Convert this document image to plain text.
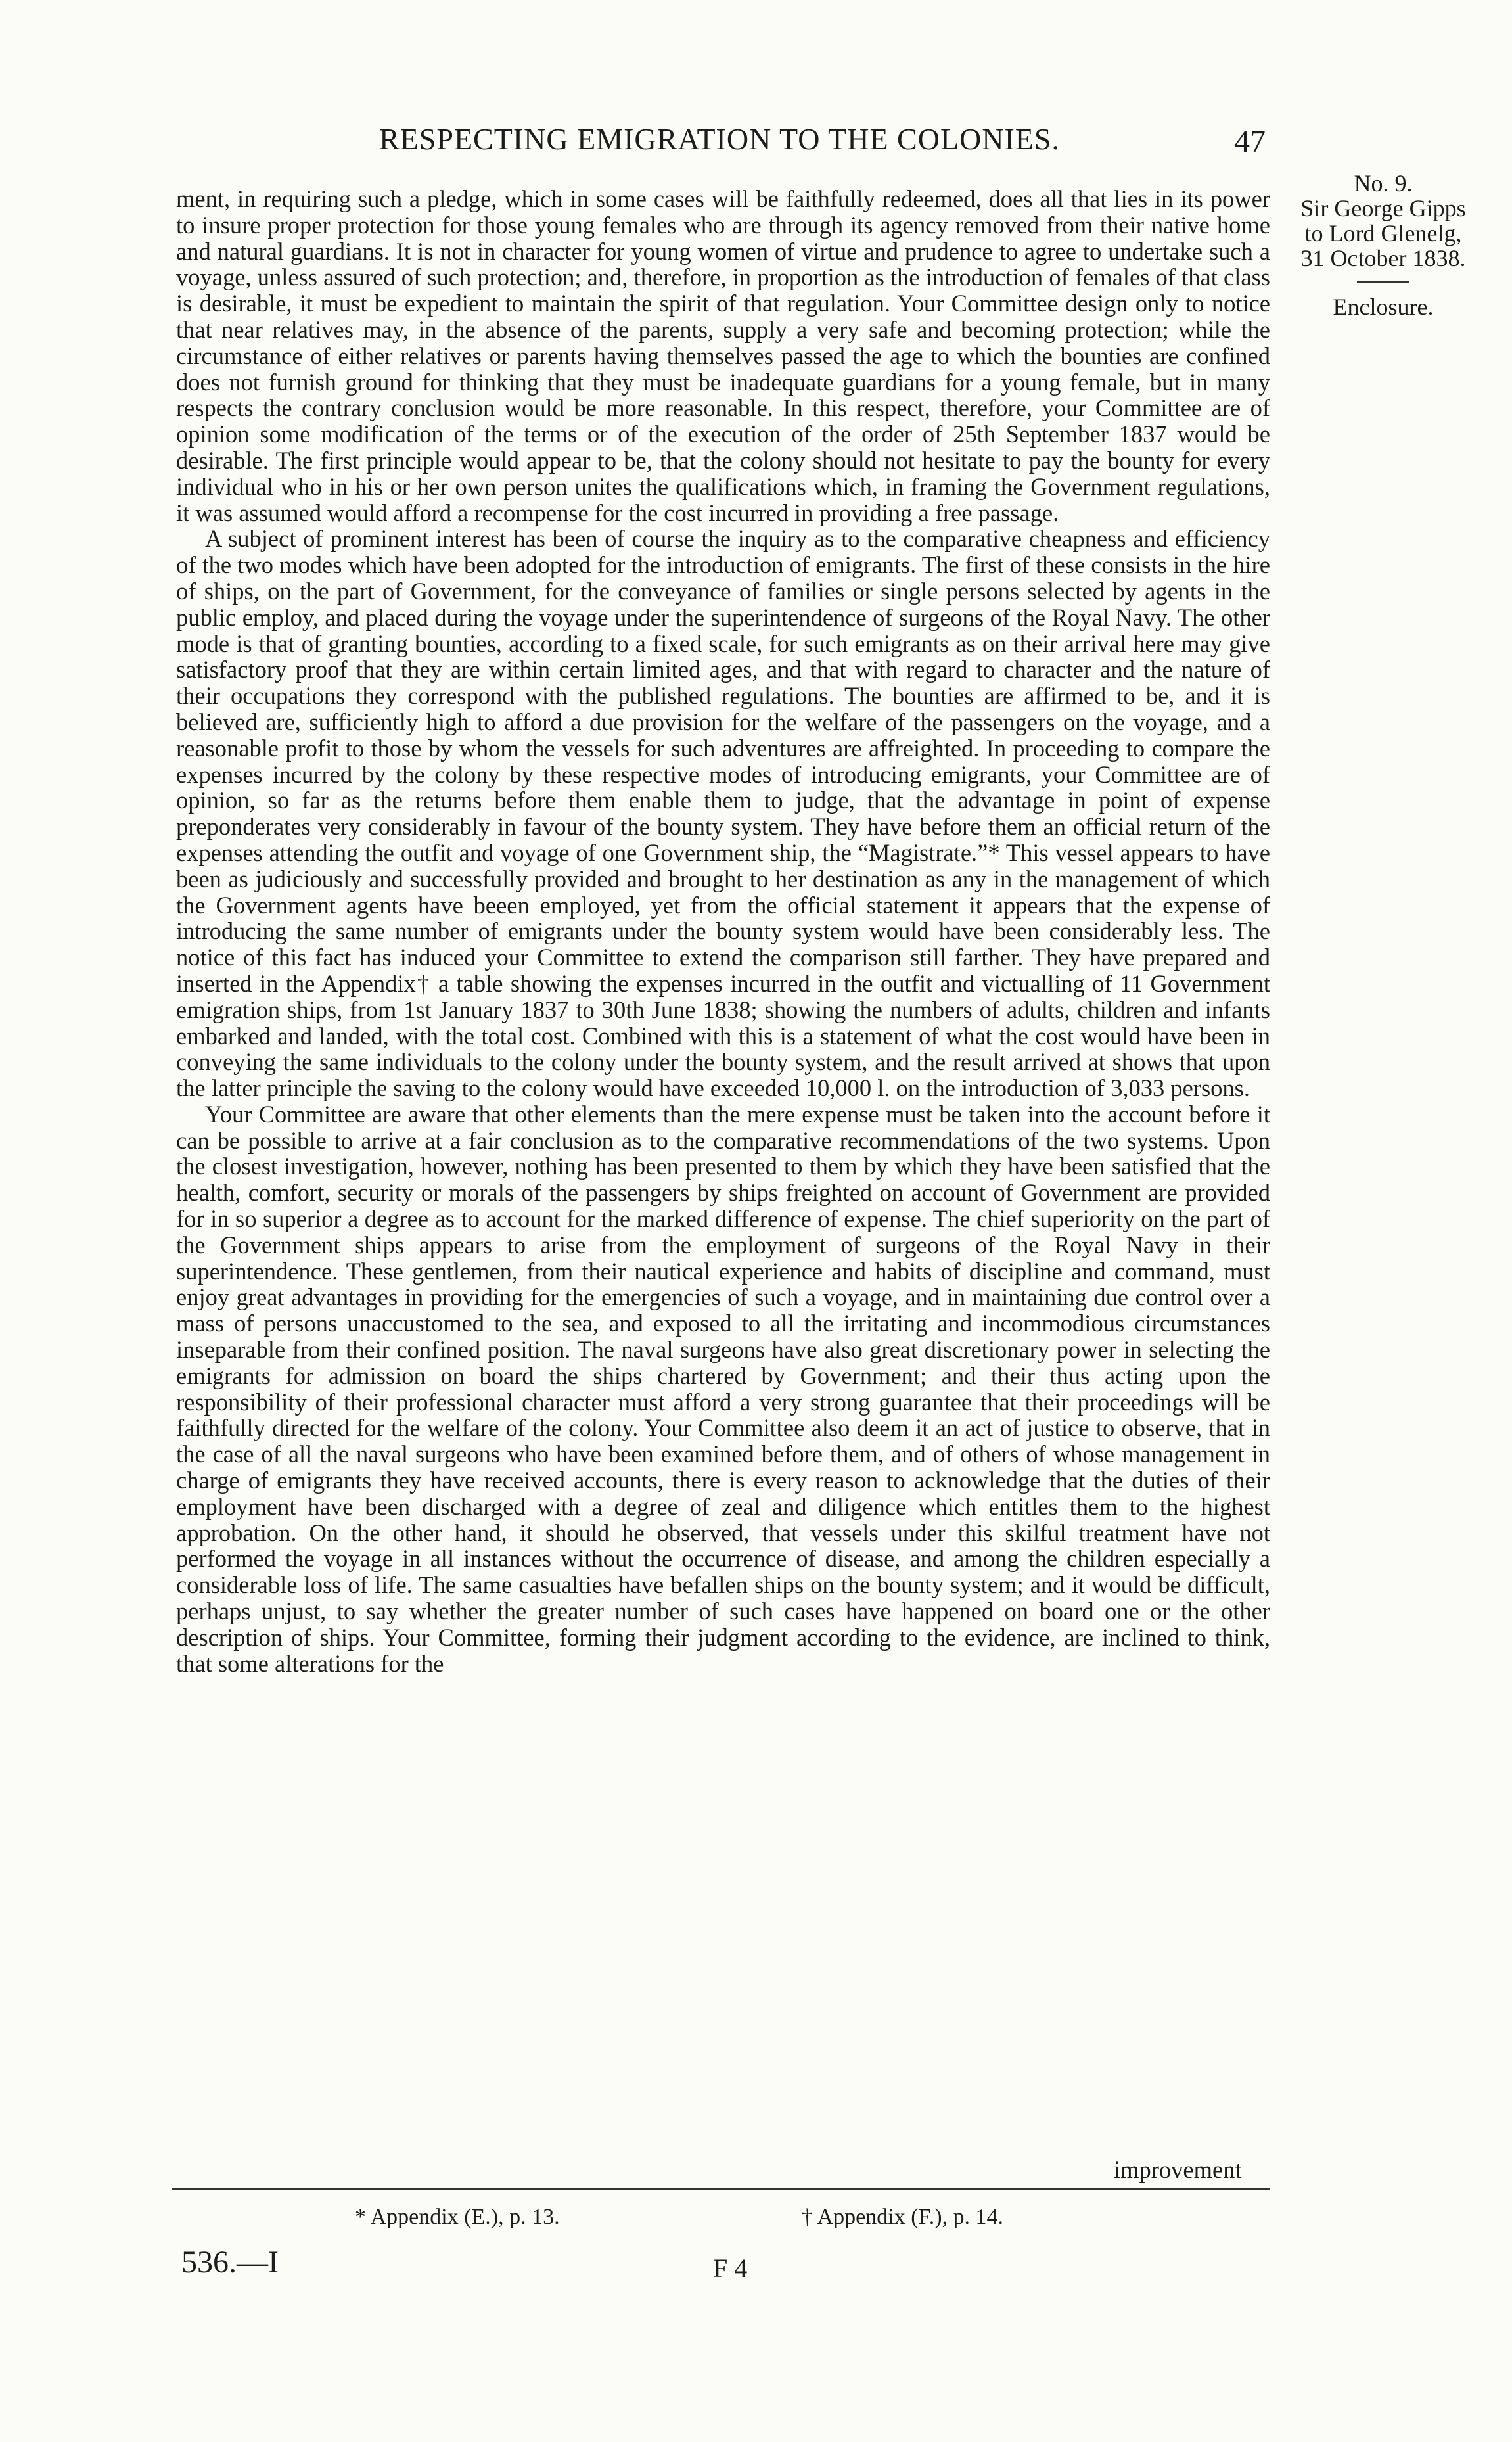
RESPECTING EMIGRATION TO THE COLONIES.	47
No. 9.
Sir George Gipps
to Lord Glenelg,
31 October 1838.
Enclosure.

ment, in requiring such a pledge, which in some cases will be faithfully redeemed, does all that lies in its power to insure proper protection for those young females who are through its agency removed from their native home and natural guardians. It is not in character for young women of virtue and prudence to agree to undertake such a voyage, unless assured of such protection; and, therefore, in proportion as the introduction of females of that class is desirable, it must be expedient to maintain the spirit of that regulation. Your Committee design only to notice that near relatives may, in the absence of the parents, supply a very safe and becoming protection; while the circumstance of either relatives or parents having themselves passed the age to which the bounties are confined does not furnish ground for thinking that they must be inadequate guardians for a young female, but in many respects the contrary conclusion would be more reasonable. In this respect, therefore, your Committee are of opinion some modification of the terms or of the execution of the order of 25th September 1837 would be desirable. The first principle would appear to be, that the colony should not hesitate to pay the bounty for every individual who in his or her own person unites the qualifications which, in framing the Government regulations, it was assumed would afford a recompense for the cost incurred in providing a free passage.

A subject of prominent interest has been of course the inquiry as to the comparative cheapness and efficiency of the two modes which have been adopted for the introduction of emigrants. The first of these consists in the hire of ships, on the part of Government, for the conveyance of families or single persons selected by agents in the public employ, and placed during the voyage under the superintendence of surgeons of the Royal Navy. The other mode is that of granting bounties, according to a fixed scale, for such emigrants as on their arrival here may give satisfactory proof that they are within certain limited ages, and that with regard to character and the nature of their occupations they correspond with the published regulations. The bounties are affirmed to be, and it is believed are, sufficiently high to afford a due provision for the welfare of the passengers on the voyage, and a reasonable profit to those by whom the vessels for such adventures are affreighted. In proceeding to compare the expenses incurred by the colony by these respective modes of introducing emigrants, your Committee are of opinion, so far as the returns before them enable them to judge, that the advantage in point of expense preponderates very considerably in favour of the bounty system. They have before them an official return of the expenses attending the outfit and voyage of one Government ship, the “Magistrate.”* This vessel appears to have been as judiciously and successfully provided and brought to her destination as any in the management of which the Government agents have beeen employed, yet from the official statement it appears that the expense of introducing the same number of emigrants under the bounty system would have been considerably less. The notice of this fact has induced your Committee to extend the comparison still farther. They have prepared and inserted in the Appendix† a table showing the expenses incurred in the outfit and victualling of 11 Government emigration ships, from 1st January 1837 to 30th June 1838; showing the numbers of adults, children and infants embarked and landed, with the total cost. Combined with this is a statement of what the cost would have been in conveying the same individuals to the colony under the bounty system, and the result arrived at shows that upon the latter principle the saving to the colony would have exceeded 10,000 l. on the introduction of 3,033 persons.

Your Committee are aware that other elements than the mere expense must be taken into the account before it can be possible to arrive at a fair conclusion as to the comparative recommendations of the two systems. Upon the closest investigation, however, nothing has been presented to them by which they have been satisfied that the health, comfort, security or morals of the passengers by ships freighted on account of Government are provided for in so superior a degree as to account for the marked difference of expense. The chief superiority on the part of the Government ships appears to arise from the employment of surgeons of the Royal Navy in their superintendence. These gentlemen, from their nautical experience and habits of discipline and command, must enjoy great advantages in providing for the emergencies of such a voyage, and in maintaining due control over a mass of persons unaccustomed to the sea, and exposed to all the irritating and incommodious circumstances inseparable from their confined position. The naval surgeons have also great discretionary power in selecting the emigrants for admission on board the ships chartered by Government; and their thus acting upon the responsibility of their professional character must afford a very strong guarantee that their proceedings will be faithfully directed for the welfare of the colony. Your Committee also deem it an act of justice to observe, that in the case of all the naval surgeons who have been examined before them, and of others of whose management in charge of emigrants they have received accounts, there is every reason to acknowledge that the duties of their employment have been discharged with a degree of zeal and diligence which entitles them to the highest approbation. On the other hand, it should he observed, that vessels under this skilful treatment have not performed the voyage in all instances without the occurrence of disease, and among the children especially a considerable loss of life. The same casualties have befallen ships on the bounty system; and it would be difficult, perhaps unjust, to say whether the greater number of such cases have happened on board one or the other description of ships. Your Committee, forming their judgment according to the evidence, are inclined to think, that some alterations for the

improvement
* Appendix (E.), p. 13.	† Appendix (F.), p. 14.
536.—I	F 4
